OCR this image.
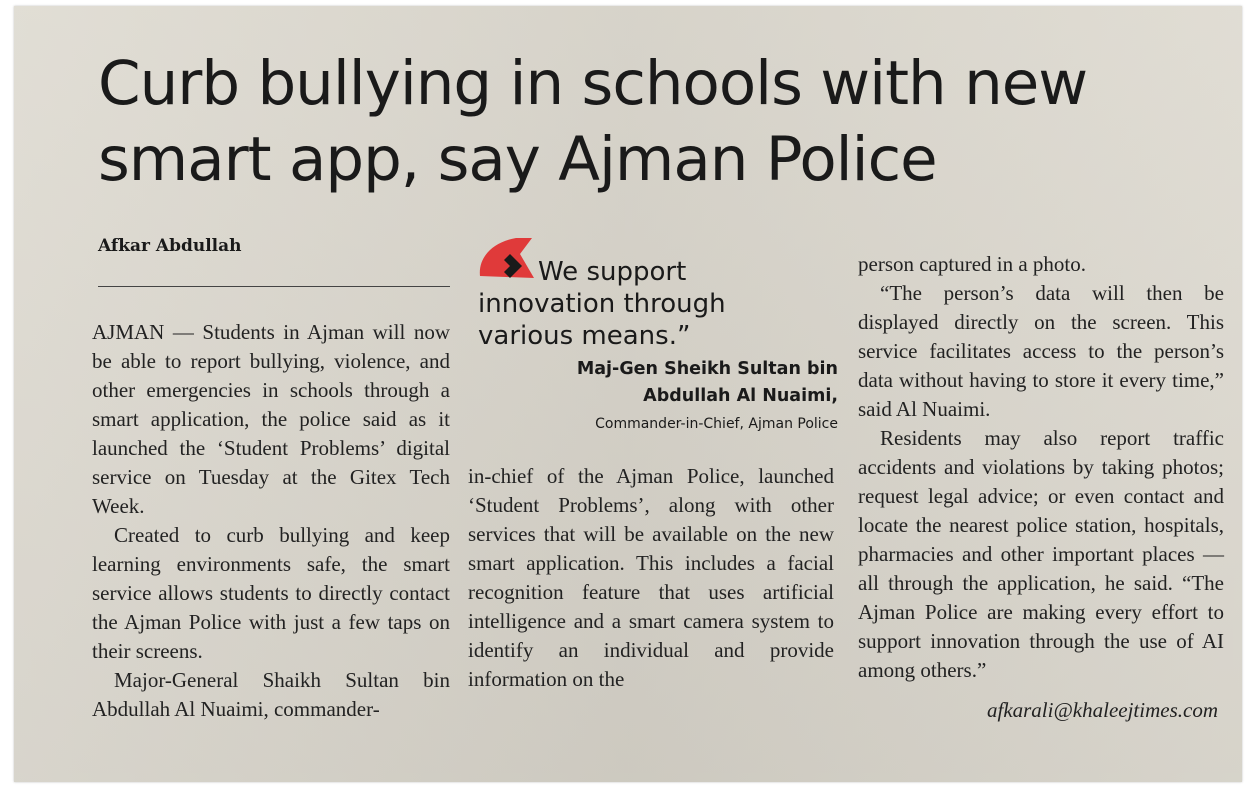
Curb bullying in schools with new smart app, say Ajman Police
Afkar Abdullah

AJMAN — Students in Ajman will now be able to report bullying, violence, and other emergencies in schools through a smart application, the police said as it launched the ‘Student Problems’ digital service on Tuesday at the Gitex Tech Week.

Created to curb bullying and keep learning environments safe, the smart service allows students to directly contact the Ajman Police with just a few taps on their screens.

Major-General Shaikh Sultan bin Abdullah Al Nuaimi, commander-

We support
innovation through
various means.”
Maj-Gen Sheikh Sultan bin
Abdullah Al Nuaimi,
Commander-in-Chief, Ajman Police

in-chief of the Ajman Police, launched ‘Student Problems’, along with other services that will be available on the new smart application. This includes a facial recognition feature that uses artificial intelligence and a smart camera system to identify an individual and provide information on the

person captured in a photo.

“The person’s data will then be displayed directly on the screen. This service facilitates access to the person’s data without having to store it every time,” said Al Nuaimi.

Residents may also report traffic accidents and violations by taking photos; request legal advice; or even contact and locate the nearest police station, hospitals, pharmacies and other important places — all through the application, he said. “The Ajman Police are making every effort to support innovation through the use of AI among others.”

afkarali@khaleejtimes.com
